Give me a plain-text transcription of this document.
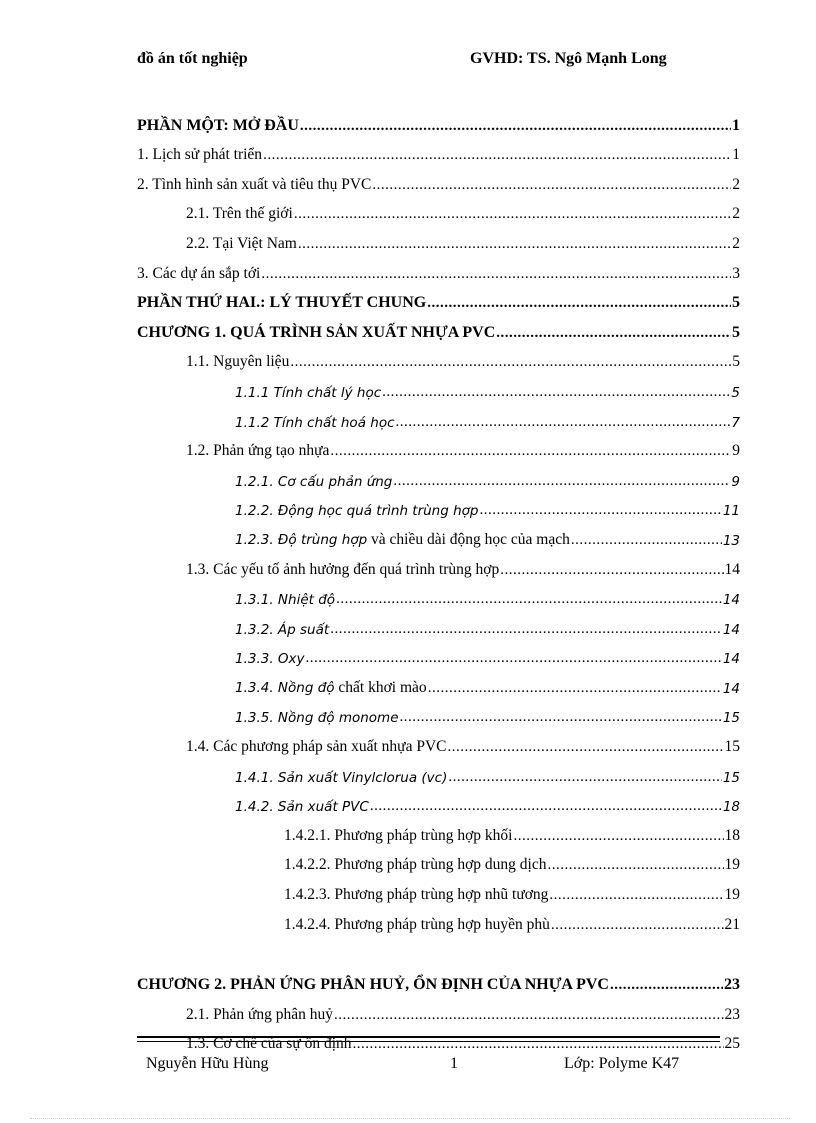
đồ án tốt nghiệp	GVHD: TS. Ngô Mạnh Long
PHẦN MỘT: MỞ ĐẦU .....	1
1. Lịch sử phát triển .....	1
2. Tình hình sản xuất và tiêu thụ PVC .....	2
2.1. Trên thế giới .....	2
2.2. Tại Việt Nam .....	2
3. Các dự án sắp tới .....	3
PHẦN THỨ HAI.: LÝ THUYẾT CHUNG .....	5
CHƯƠNG 1. QUÁ TRÌNH SẢN XUẤT NHỰA PVC .....	5
1.1. Nguyên liệu .....	5
1.1.1 Tính chất lý học .....	5
1.1.2 Tính chất hoá học .....	7
1.2. Phản ứng tạo nhựa .....	9
1.2.1. Cơ cấu phản ứng .....	9
1.2.2. Động học quá trình trùng hợp .....	11
1.2.3. Độ trùng hợp và chiều dài động học của mạch .....	13
1.3. Các yếu tố ảnh hưởng đến quá trình trùng hợp .....	14
1.3.1. Nhiệt độ .....	14
1.3.2. Áp suất .....	14
1.3.3. Oxy .....	14
1.3.4. Nồng độ chất khơi mào .....	14
1.3.5. Nồng độ monome .....	15
1.4. Các phương pháp sản xuất nhựa PVC .....	15
1.4.1. Sản xuất Vinylclorua (vc) .....	15
1.4.2. Sản xuất PVC .....	18
1.4.2.1. Phương pháp trùng hợp khối .....	18
1.4.2.2. Phương pháp trùng hợp dung dịch .....	19
1.4.2.3. Phương pháp trùng hợp nhũ tương .....	19
1.4.2.4. Phương pháp trùng hợp huyền phù .....	21
CHƯƠNG 2. PHẢN ỨNG PHÂN HUỶ, ỔN ĐỊNH CỦA NHỰA PVC .....	23
2.1. Phản ứng phân huỷ .....	23
1.3. Cơ chế của sự ổn định .....	25
Nguyễn Hữu Hùng	1	Lớp: Polyme K47
